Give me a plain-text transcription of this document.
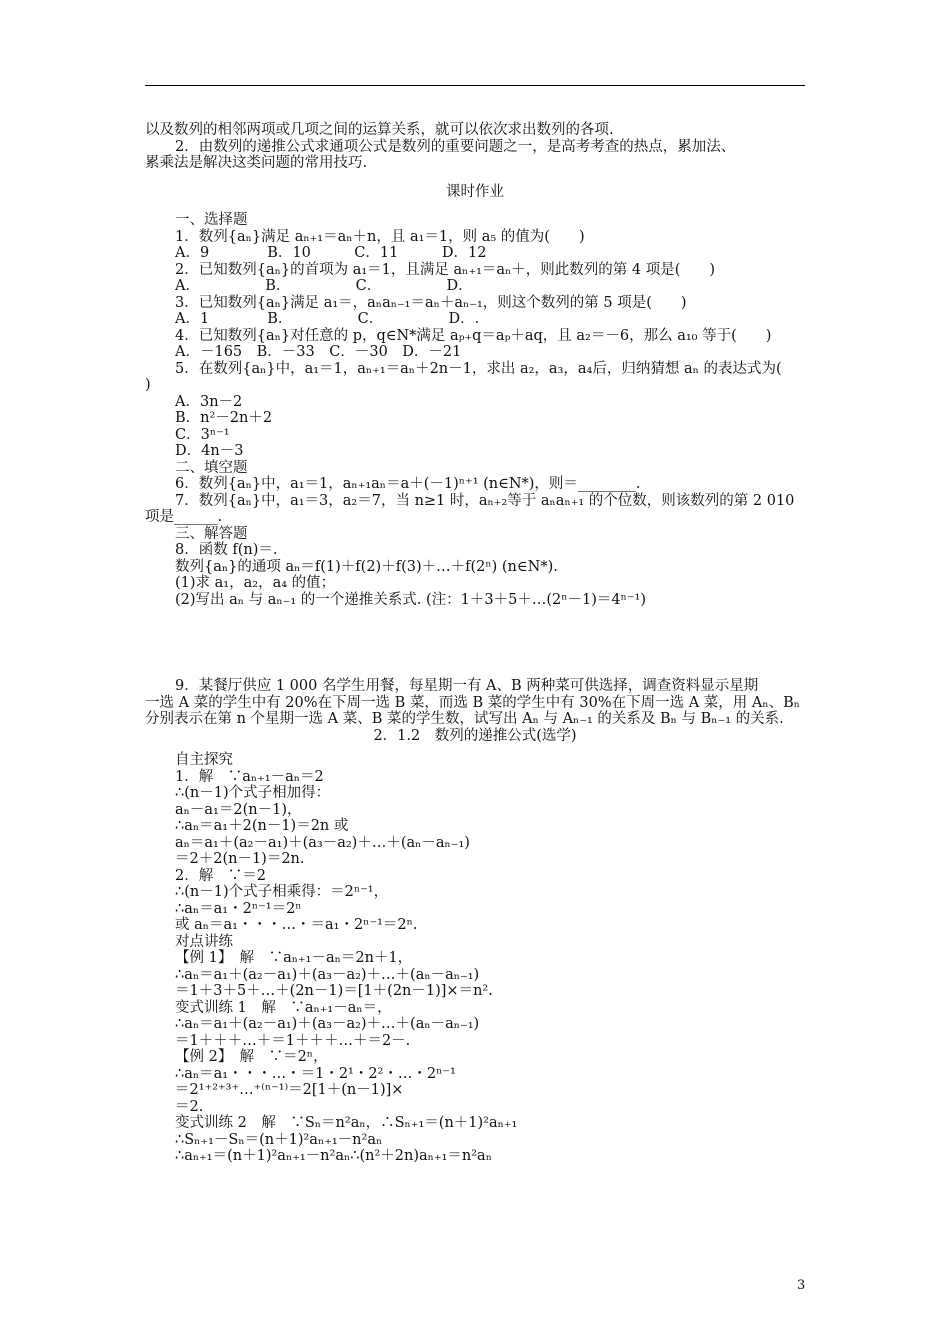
以及数列的相邻两项或几项之间的运算关系，就可以依次求出数列的各项.
2．由数列的递推公式求通项公式是数列的重要问题之一，是高考考查的热点，累加法、
累乘法是解决这类问题的常用技巧.
课时作业
一、选择题
1．数列{aₙ}满足 aₙ₊₁＝aₙ＋n，且 a₁＝1，则 a₅ 的值为(　　)
A．9　　　　B．10　　　C．11　　　D．12
2．已知数列{aₙ}的首项为 a₁＝1，且满足 aₙ₊₁＝aₙ＋，则此数列的第 4 项是(　　)
A．　　　　　B．　　　　　C．　　　　　D．
3．已知数列{aₙ}满足 a₁＝，aₙaₙ₋₁＝aₙ＋aₙ₋₁，则这个数列的第 5 项是(　　)
A．1　　　　B．　　　　　C．　　　　　D．.
4．已知数列{aₙ}对任意的 p，q∈N*满足 aₚ₊q＝aₚ＋aq，且 a₂＝－6，那么 a₁₀ 等于(　　)
A．－165　B．－33　C．－30　D．－21
5．在数列{aₙ}中，a₁＝1，aₙ₊₁＝aₙ＋2n－1，求出 a₂，a₃，a₄后，归纳猜想 aₙ 的表达式为(
)
A．3n－2
B．n²－2n＋2
C．3ⁿ⁻¹
D．4n－3
二、填空题
6．数列{aₙ}中，a₁＝1，aₙ₊₁aₙ＝a＋(－1)ⁿ⁺¹ (n∈N*)，则＝________.
7．数列{aₙ}中，a₁＝3，a₂＝7，当 n≥1 时，aₙ₊₂等于 aₙaₙ₊₁ 的个位数，则该数列的第 2 010
项是______.
三、解答题
8．函数 f(n)＝.
数列{aₙ}的通项 aₙ＝f(1)＋f(2)＋f(3)＋…＋f(2ⁿ) (n∈N*).
(1)求 a₁，a₂，a₄ 的值；
(2)写出 aₙ 与 aₙ₋₁ 的一个递推关系式. (注：1＋3＋5＋…(2ⁿ－1)＝4ⁿ⁻¹)
9．某餐厅供应 1 000 名学生用餐，每星期一有 A、B 两种菜可供选择，调查资料显示星期
一选 A 菜的学生中有 20%在下周一选 B 菜，而选 B 菜的学生中有 30%在下周一选 A 菜，用 Aₙ、Bₙ
分别表示在第 n 个星期一选 A 菜、B 菜的学生数，试写出 Aₙ 与 Aₙ₋₁ 的关系及 Bₙ 与 Bₙ₋₁ 的关系.
2．1.2　数列的递推公式(选学)
自主探究
1．解　∵aₙ₊₁－aₙ＝2
∴(n－1)个式子相加得：
aₙ－a₁＝2(n－1)，
∴aₙ＝a₁＋2(n－1)＝2n 或
aₙ＝a₁＋(a₂－a₁)＋(a₃－a₂)＋…＋(aₙ－aₙ₋₁)
＝2＋2(n－1)＝2n.
2．解　∵＝2
∴(n－1)个式子相乘得：＝2ⁿ⁻¹，
∴aₙ＝a₁・2ⁿ⁻¹＝2ⁿ
或 aₙ＝a₁・・・…・＝a₁・2ⁿ⁻¹＝2ⁿ.
对点讲练
【例 1】　解　∵aₙ₊₁－aₙ＝2n＋1，
∴aₙ＝a₁＋(a₂－a₁)＋(a₃－a₂)＋…＋(aₙ－aₙ₋₁)
＝1＋3＋5＋…＋(2n－1)＝[1＋(2n－1)]×＝n².
变式训练 1　解　∵aₙ₊₁－aₙ＝，
∴aₙ＝a₁＋(a₂－a₁)＋(a₃－a₂)＋…＋(aₙ－aₙ₋₁)
＝1＋＋＋…＋＝1＋＋＋…＋＝2－.
【例 2】　解　∵＝2ⁿ，
∴aₙ＝a₁・・・…・＝1・2¹・2²・…・2ⁿ⁻¹
＝2¹⁺²⁺³⁺…⁺⁽ⁿ⁻¹⁾＝2[1＋(n－1)]×
＝2.
变式训练 2　解　∵Sₙ＝n²aₙ，∴Sₙ₊₁＝(n＋1)²aₙ₊₁
∴Sₙ₊₁－Sₙ＝(n＋1)²aₙ₊₁－n²aₙ
∴aₙ₊₁＝(n＋1)²aₙ₊₁－n²aₙ∴(n²＋2n)aₙ₊₁＝n²aₙ
3
